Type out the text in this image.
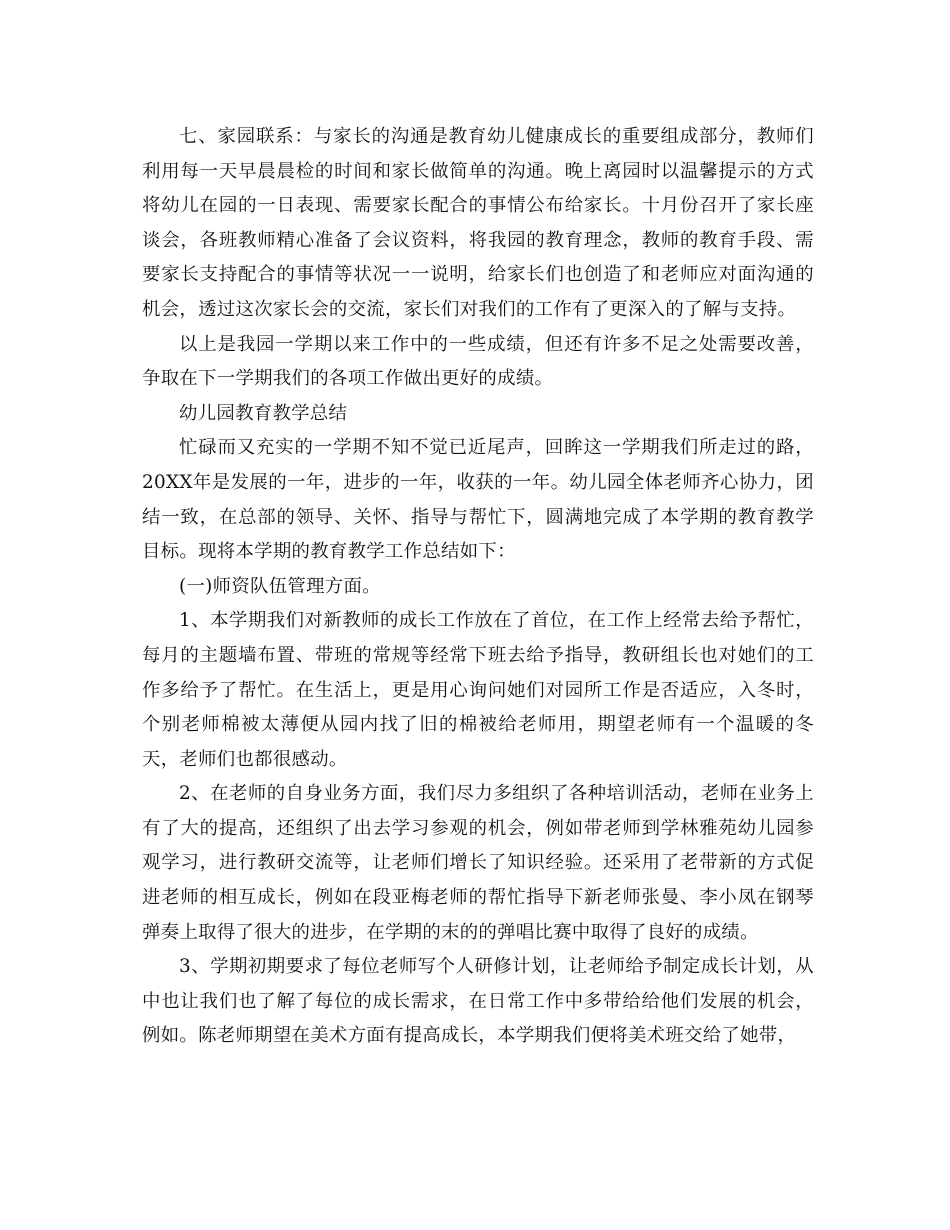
七、家园联系：与家长的沟通是教育幼儿健康成长的重要组成部分，教师们利用每一天早晨晨检的时间和家长做简单的沟通。晚上离园时以温馨提示的方式将幼儿在园的一日表现、需要家长配合的事情公布给家长。十月份召开了家长座谈会，各班教师精心准备了会议资料，将我园的教育理念，教师的教育手段、需要家长支持配合的事情等状况一一说明，给家长们也创造了和老师应对面沟通的机会，透过这次家长会的交流，家长们对我们的工作有了更深入的了解与支持。

以上是我园一学期以来工作中的一些成绩，但还有许多不足之处需要改善，争取在下一学期我们的各项工作做出更好的成绩。

幼儿园教育教学总结

忙碌而又充实的一学期不知不觉已近尾声，回眸这一学期我们所走过的路，20XX年是发展的一年，进步的一年，收获的一年。幼儿园全体老师齐心协力，团结一致，在总部的领导、关怀、指导与帮忙下，圆满地完成了本学期的教育教学目标。现将本学期的教育教学工作总结如下：

(一)师资队伍管理方面。

1、本学期我们对新教师的成长工作放在了首位，在工作上经常去给予帮忙，每月的主题墙布置、带班的常规等经常下班去给予指导，教研组长也对她们的工作多给予了帮忙。在生活上，更是用心询问她们对园所工作是否适应，入冬时，个别老师棉被太薄便从园内找了旧的棉被给老师用，期望老师有一个温暖的冬天，老师们也都很感动。

2、在老师的自身业务方面，我们尽力多组织了各种培训活动，老师在业务上有了大的提高，还组织了出去学习参观的机会，例如带老师到学林雅苑幼儿园参观学习，进行教研交流等，让老师们增长了知识经验。还采用了老带新的方式促进老师的相互成长，例如在段亚梅老师的帮忙指导下新老师张曼、李小凤在钢琴弹奏上取得了很大的进步，在学期的末的的弹唱比赛中取得了良好的成绩。

3、学期初期要求了每位老师写个人研修计划，让老师给予制定成长计划，从中也让我们也了解了每位的成长需求，在日常工作中多带给给他们发展的机会，例如。陈老师期望在美术方面有提高成长，本学期我们便将美术班交给了她带，
